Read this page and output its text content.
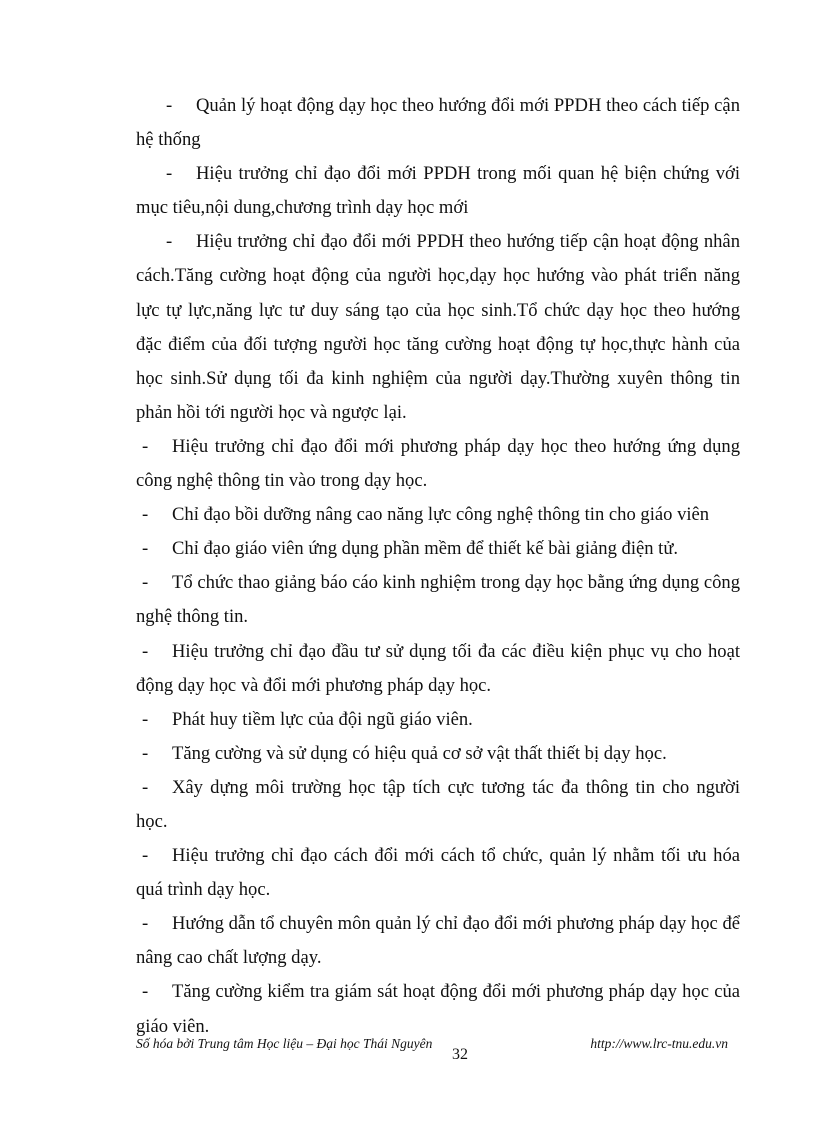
- Quản lý hoạt động dạy học theo hướng đổi mới PPDH theo cách tiếp cận hệ thống

- Hiệu trưởng chỉ đạo đổi mới PPDH trong mối quan hệ biện chứng với mục tiêu,nội dung,chương trình dạy học mới

- Hiệu trưởng chỉ đạo đổi mới PPDH theo hướng tiếp cận hoạt động nhân cách.Tăng cường hoạt động của người học,dạy học hướng vào phát triển năng lực tự lực,năng lực tư duy sáng tạo của học sinh.Tổ chức dạy học theo hướng đặc điểm của đối tượng người học tăng cường hoạt động tự học,thực hành của học sinh.Sử dụng tối đa kinh nghiệm của người dạy.Thường xuyên thông tin phản hồi tới người học và ngược lại.

- Hiệu trưởng chỉ đạo đổi mới phương pháp dạy học theo hướng ứng dụng công nghệ thông tin vào trong dạy học.

- Chỉ đạo bồi dưỡng nâng cao năng lực công nghệ thông tin cho giáo viên

- Chỉ đạo giáo viên ứng dụng phần mềm để thiết kế bài giảng điện tử.

- Tổ chức thao giảng báo cáo kinh nghiệm trong dạy học bằng ứng dụng công nghệ thông tin.

- Hiệu trưởng chỉ đạo đầu tư sử dụng tối đa các điều kiện phục vụ cho hoạt động dạy học và đổi mới phương pháp dạy học.

- Phát huy tiềm lực của đội ngũ giáo viên.

- Tăng cường và sử dụng có hiệu quả cơ sở vật thất thiết bị dạy học.

- Xây dựng môi trường học tập tích cực tương tác đa thông tin cho người học.

- Hiệu trưởng chỉ đạo cách đổi mới cách tổ chức, quản lý nhằm tối ưu hóa quá trình dạy học.

- Hướng dẫn tổ chuyên môn quản lý chỉ đạo đổi mới phương pháp dạy học để nâng cao chất lượng dạy.

- Tăng cường kiểm tra giám sát hoạt động đổi mới phương pháp dạy học của giáo viên.

Số hóa bởi Trung tâm Học liệu – Đại học Thái Nguyên
32
http://www.lrc-tnu.edu.vn
